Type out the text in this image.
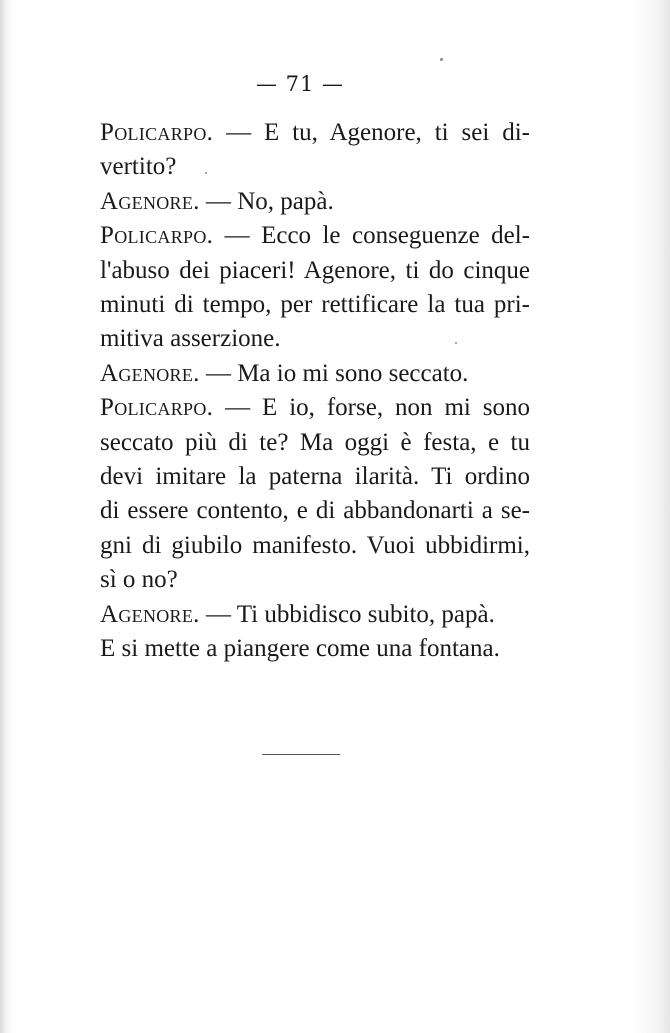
— 71 —

Policarpo. — E tu, Agenore, ti sei di-
vertito?

Agenore. — No, papà.

Policarpo. — Ecco le conseguenze del-
l'abuso dei piaceri! Agenore, ti do cinque
minuti di tempo, per rettificare la tua pri-
mitiva asserzione.

Agenore. — Ma io mi sono seccato.

Policarpo. — E io, forse, non mi sono
seccato più di te? Ma oggi è festa, e tu
devi imitare la paterna ilarità. Ti ordino
di essere contento, e di abbandonarti a se-
gni di giubilo manifesto. Vuoi ubbidirmi,
sì o no?

Agenore. — Ti ubbidisco subito, papà.

E si mette a piangere come una fontana.
